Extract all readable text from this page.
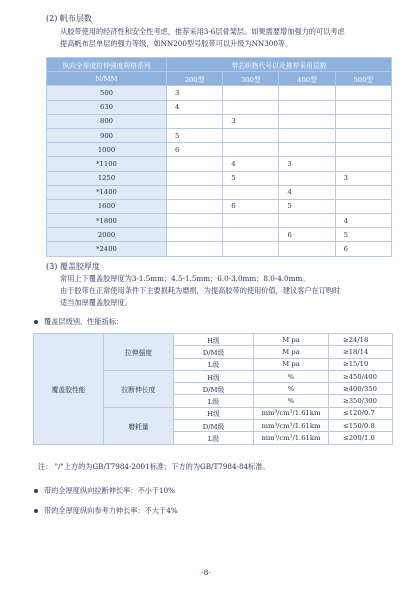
(2) 帆布层数
从胶带使用的经济性和安全性考虑，推荐采用3-6层骨架层。如果需要增加强力的可以考虑
提高帆布层单层的强力等级，如NN200型号胶带可以升级为NN300等。
纵向全厚度拉伸强度规格系列	带芯织物代号以及推荐采用层数			
N/MM	200型	300型	400型	500型
500	3			
630	4			
800		3		
900	5			
1000	6			
*1100		4	3	
1250		5		3
*1400			4	
1600		6	5	
*1800				4
2000			6	5
*2400				6
(3) 覆盖胶厚度
常用上下覆盖胶厚度为3-1.5mm；4.5-1.5mm；6.0-3.0mm；8.0-4.0mm。
由于胶带在正常使用条件下主要损耗为磨损，为提高胶带的使用价值，建议客户在订购时
适当加厚覆盖胶厚度。
覆盖层级别、性能指标：
覆盖胶性能	拉伸强度	H级	M pa	≥24/18
		D/M级	M pa	≥18/14
		L级	M pa	≥15/10
	拉断伸长度	H级	%	≥450/400
		D/M级	%	≥400/350
		L级	%	≥350/300
	磨耗量	H级	mm³/cm³/1.61km	≤120/0.7
		D/M级	mm³/cm³/1.61km	≤150/0.8
		L级	mm³/cm³/1.61km	≤200/1.0
注： "/"上方的为GB/T7984-2001标准；下方的为GB/T7984-84标准。
带的全厚度纵向拉断伸长率：不小于10%
带的全厚度纵向参考力伸长率：不大于4%
-8-
